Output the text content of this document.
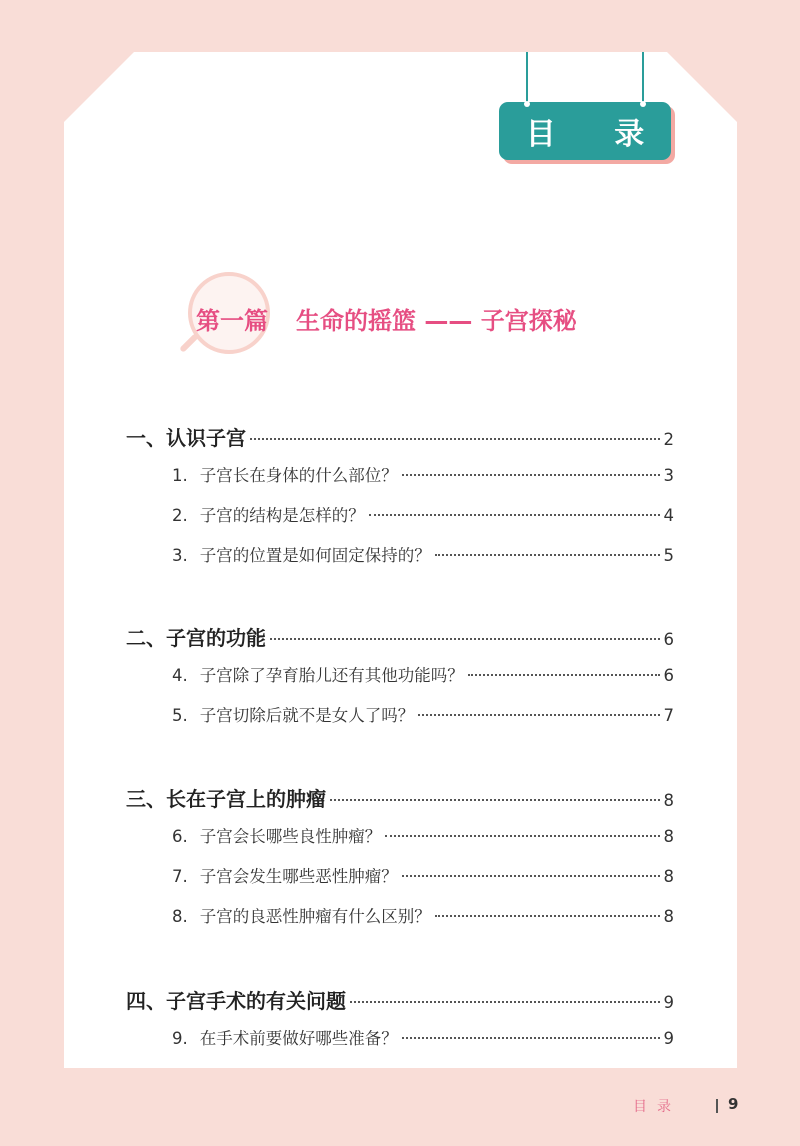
目 录
第一篇 生命的摇篮 —— 子宫探秘
一、认识子宫	2
1. 子宫长在身体的什么部位？	3
2. 子宫的结构是怎样的？	4
3. 子宫的位置是如何固定保持的？	5
二、子宫的功能	6
4. 子宫除了孕育胎儿还有其他功能吗？	6
5. 子宫切除后就不是女人了吗？	7
三、长在子宫上的肿瘤	8
6. 子宫会长哪些良性肿瘤？	8
7. 子宫会发生哪些恶性肿瘤？	8
8. 子宫的良恶性肿瘤有什么区别？	8
四、子宫手术的有关问题	9
9. 在手术前要做好哪些准备？	9
目录	9
